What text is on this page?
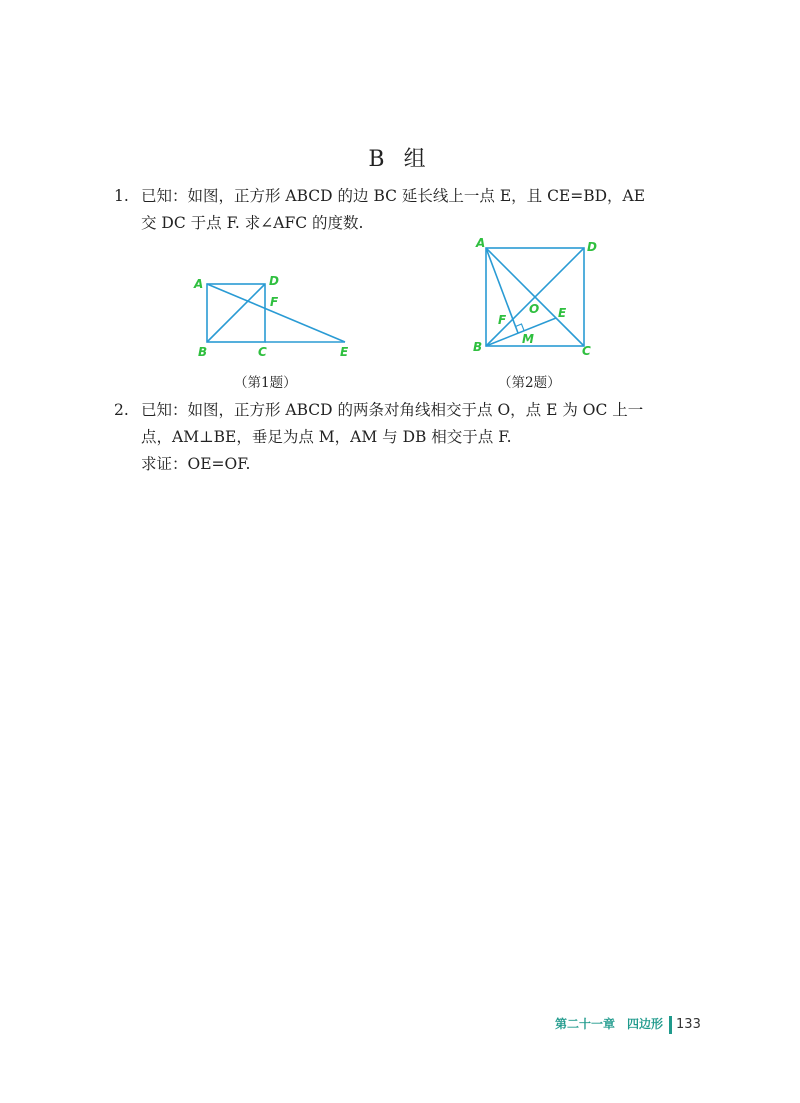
B 组
1. 已知：如图，正方形 ABCD 的边 BC 延长线上一点 E，且 CE=BD，AE
交 DC 于点 F. 求∠AFC 的度数.
A	D
F
B	C	E
A	D
O E
F
M
B	C
（第1题）	（第2题）
2. 已知：如图，正方形 ABCD 的两条对角线相交于点 O，点 E 为 OC 上一
点，AM⊥BE，垂足为点 M，AM 与 DB 相交于点 F.
求证：OE=OF.
第二十一章 四边形 133
